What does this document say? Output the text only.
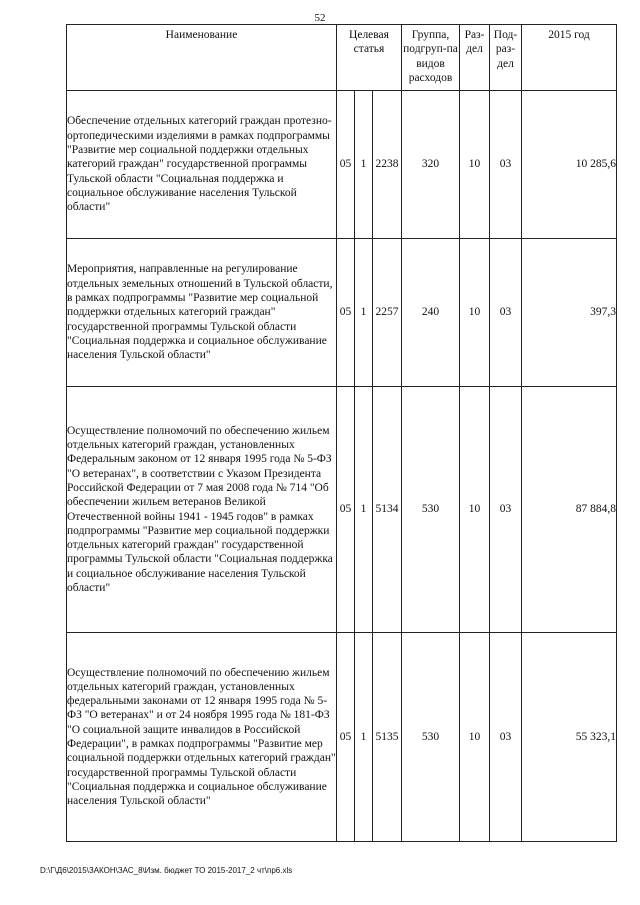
52
Наименование	Целевая статья			Группа, подгруп-па видов расходов	Раз-дел	Под-раз-дел	2015 год
Обеспечение отдельных категорий граждан протезно-ортопедическими изделиями в рамках подпрограммы "Развитие мер социальной поддержки отдельных категорий граждан" государственной программы Тульской области "Социальная поддержка и социальное обслуживание населения Тульской области"	05	1	2238	320	10	03	10 285,6
Мероприятия, направленные на регулирование отдельных земельных отношений в Тульской области, в рамках подпрограммы "Развитие мер социальной поддержки отдельных категорий граждан" государственной программы Тульской области "Социальная поддержка и социальное обслуживание населения Тульской области"	05	1	2257	240	10	03	397,3
Осуществление полномочий по обеспечению жильем отдельных категорий граждан, установленных Федеральным законом от 12 января 1995 года № 5-ФЗ "О ветеранах", в соответствии с Указом Президента Российской Федерации от 7 мая 2008 года № 714 "Об обеспечении жильем ветеранов Великой Отечественной войны 1941 - 1945 годов" в рамках подпрограммы "Развитие мер социальной поддержки отдельных категорий граждан" государственной программы Тульской области "Социальная поддержка и социальное обслуживание населения Тульской области"	05	1	5134	530	10	03	87 884,8
Осуществление полномочий по обеспечению жильем отдельных категорий граждан, установленных федеральными законами от 12 января 1995 года № 5-ФЗ "О ветеранах" и от 24 ноября 1995 года № 181-ФЗ "О социальной защите инвалидов в Российской Федерации", в рамках подпрограммы "Развитие мер социальной поддержки отдельных категорий граждан" государственной программы Тульской области "Социальная поддержка и социальное обслуживание населения Тульской области"	05	1	5135	530	10	03	55 323,1
D:\Г\Д6\2015\ЗАКОН\ЗАС_8\Изм. бюджет ТО 2015-2017_2 чт\пр6.xls
